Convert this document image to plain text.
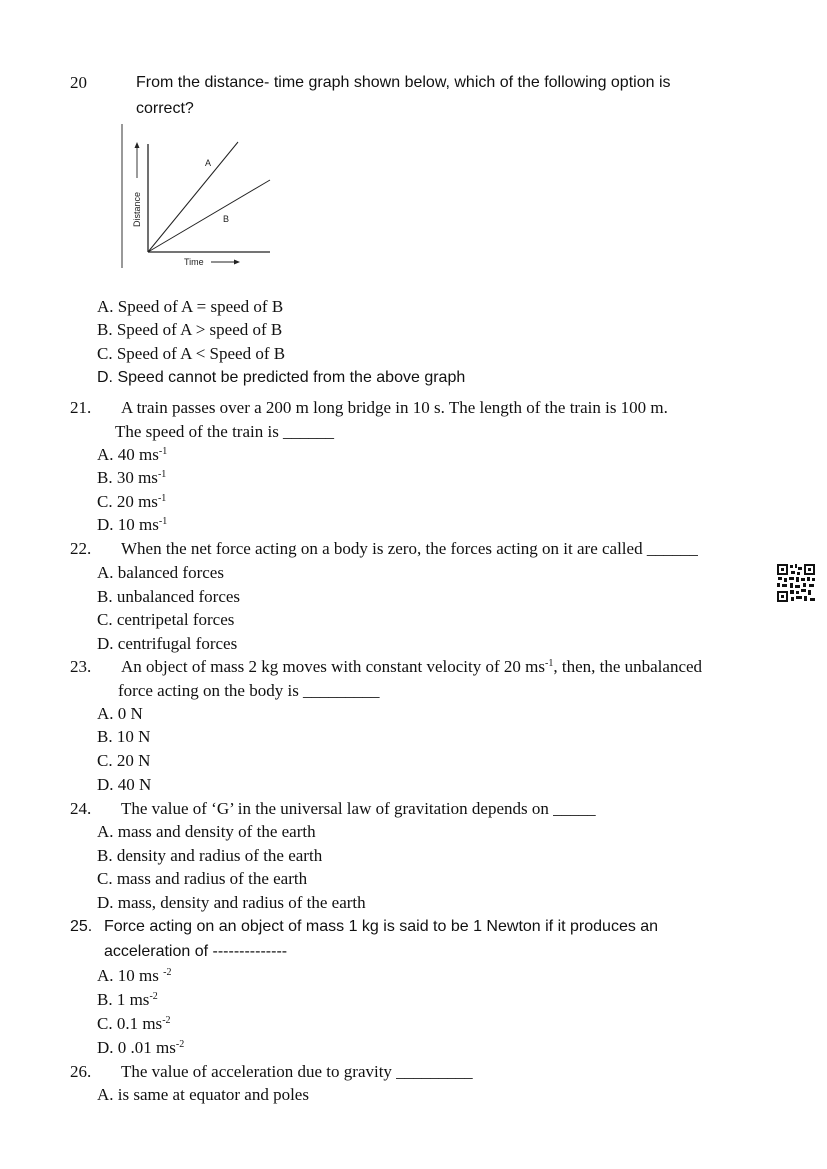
20	From the distance- time graph shown below, which of the following option is
correct?
A
B
Distance
Time
A. Speed of A = speed of B
B. Speed of A > speed of B
C. Speed of A < Speed of B
D. Speed cannot be predicted from the above graph
21. A train passes over a 200 m long bridge in 10 s. The length of the train is 100 m.
The speed of the train is ______
A. 40 $ms^{-1}$
B. 30 $ms^{-1}$
C. 20 $ms^{-1}$
D. 10 $ms^{-1}$
22. When the net force acting on a body is zero, the forces acting on it are called ______
A. balanced forces
B. unbalanced forces
C. centripetal forces
D. centrifugal forces
23. An object of mass 2 kg moves with constant velocity of 20 $ms^{-1}$, then, the unbalanced
force acting on the body is _________
A. 0 N
B. 10 N
C. 20 N
D. 40 N
24. The value of ‘G’ in the universal law of gravitation depends on _____
A. mass and density of the earth
B. density and radius of the earth
C. mass and radius of the earth
D. mass, density and radius of the earth
25. Force acting on an object of mass 1 kg is said to be 1 Newton if it produces an
acceleration of --------------
A. 10 ms $^{-2}$
B. 1 $ms^{-2}$
C. 0.1 $ms^{-2}$
D. 0 .01 $ms^{-2}$
26. The value of acceleration due to gravity _________
A. is same at equator and poles
